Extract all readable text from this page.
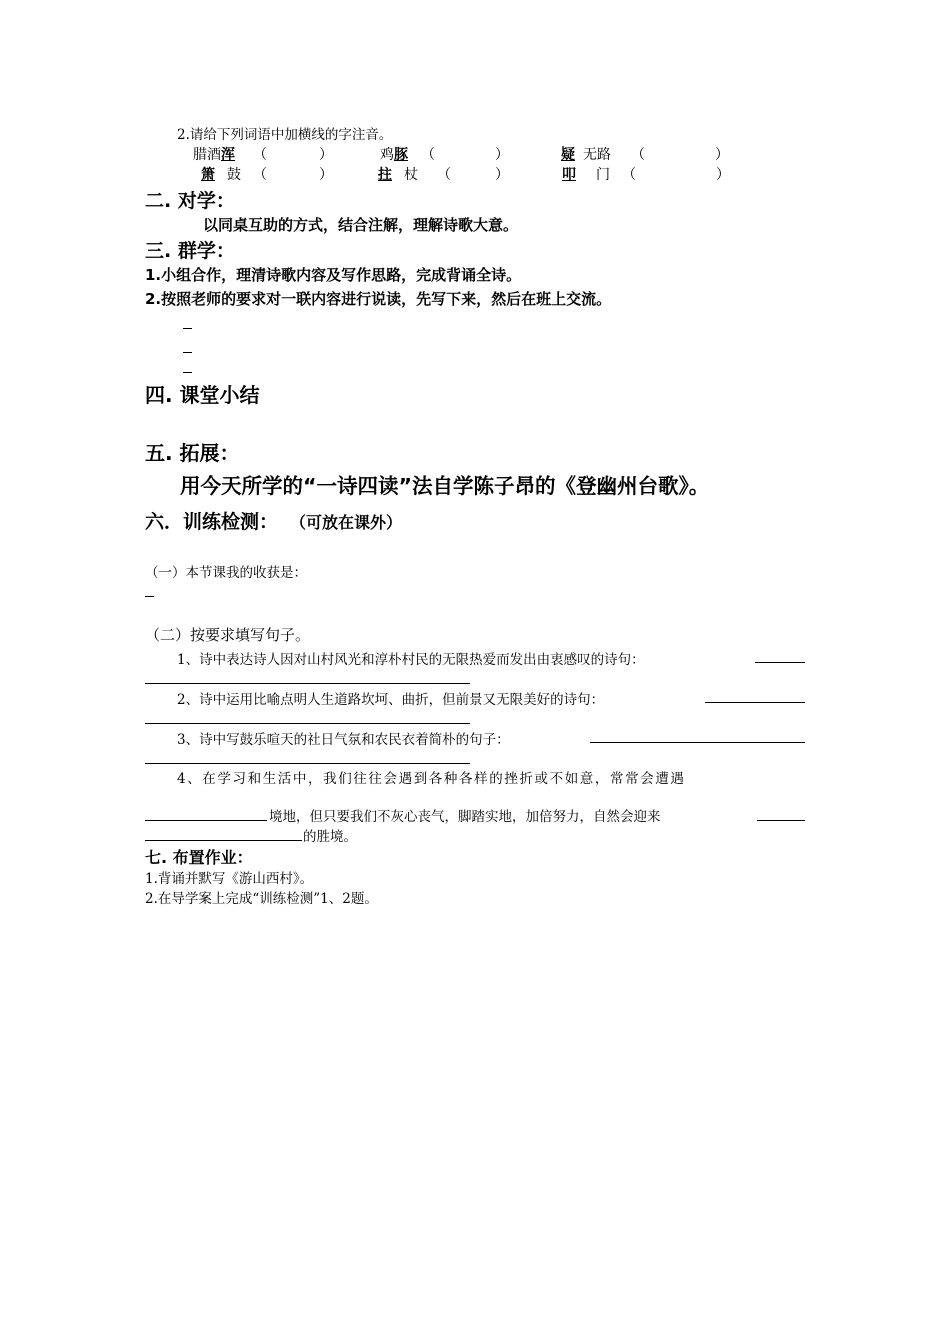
2.请给下列词语中加横线的字注音。
腊酒浑	（	）	鸡豚 （	）	疑 无路 （	）
箫 鼓 （	）	拄 杖 （	）	叩 门 （	）
二. 对学：
以同桌互助的方式，结合注解，理解诗歌大意。
三. 群学：
1.小组合作，理清诗歌内容及写作思路，完成背诵全诗。
2.按照老师的要求对一联内容进行说读，先写下来，然后在班上交流。
四. 课堂小结
五. 拓展：
用今天所学的“一诗四读”法自学陈子昂的《登幽州台歌》。
六．训练检测： （可放在课外）
（一）本节课我的收获是：
（二）按要求填写句子。
1、诗中表达诗人因对山村风光和淳朴村民的无限热爱而发出由衷感叹的诗句：
2、诗中运用比喻点明人生道路坎坷、曲折，但前景又无限美好的诗句：
3、诗中写鼓乐喧天的社日气氛和农民衣着简朴的句子：
4、在学习和生活中，我们往往会遇到各种各样的挫折或不如意，常常会遭遇
境地，但只要我们不灰心丧气，脚踏实地，加倍努力，自然会迎来
的胜境。
七. 布置作业：
1.背诵并默写《游山西村》。
2.在导学案上完成“训练检测”1、2题。
